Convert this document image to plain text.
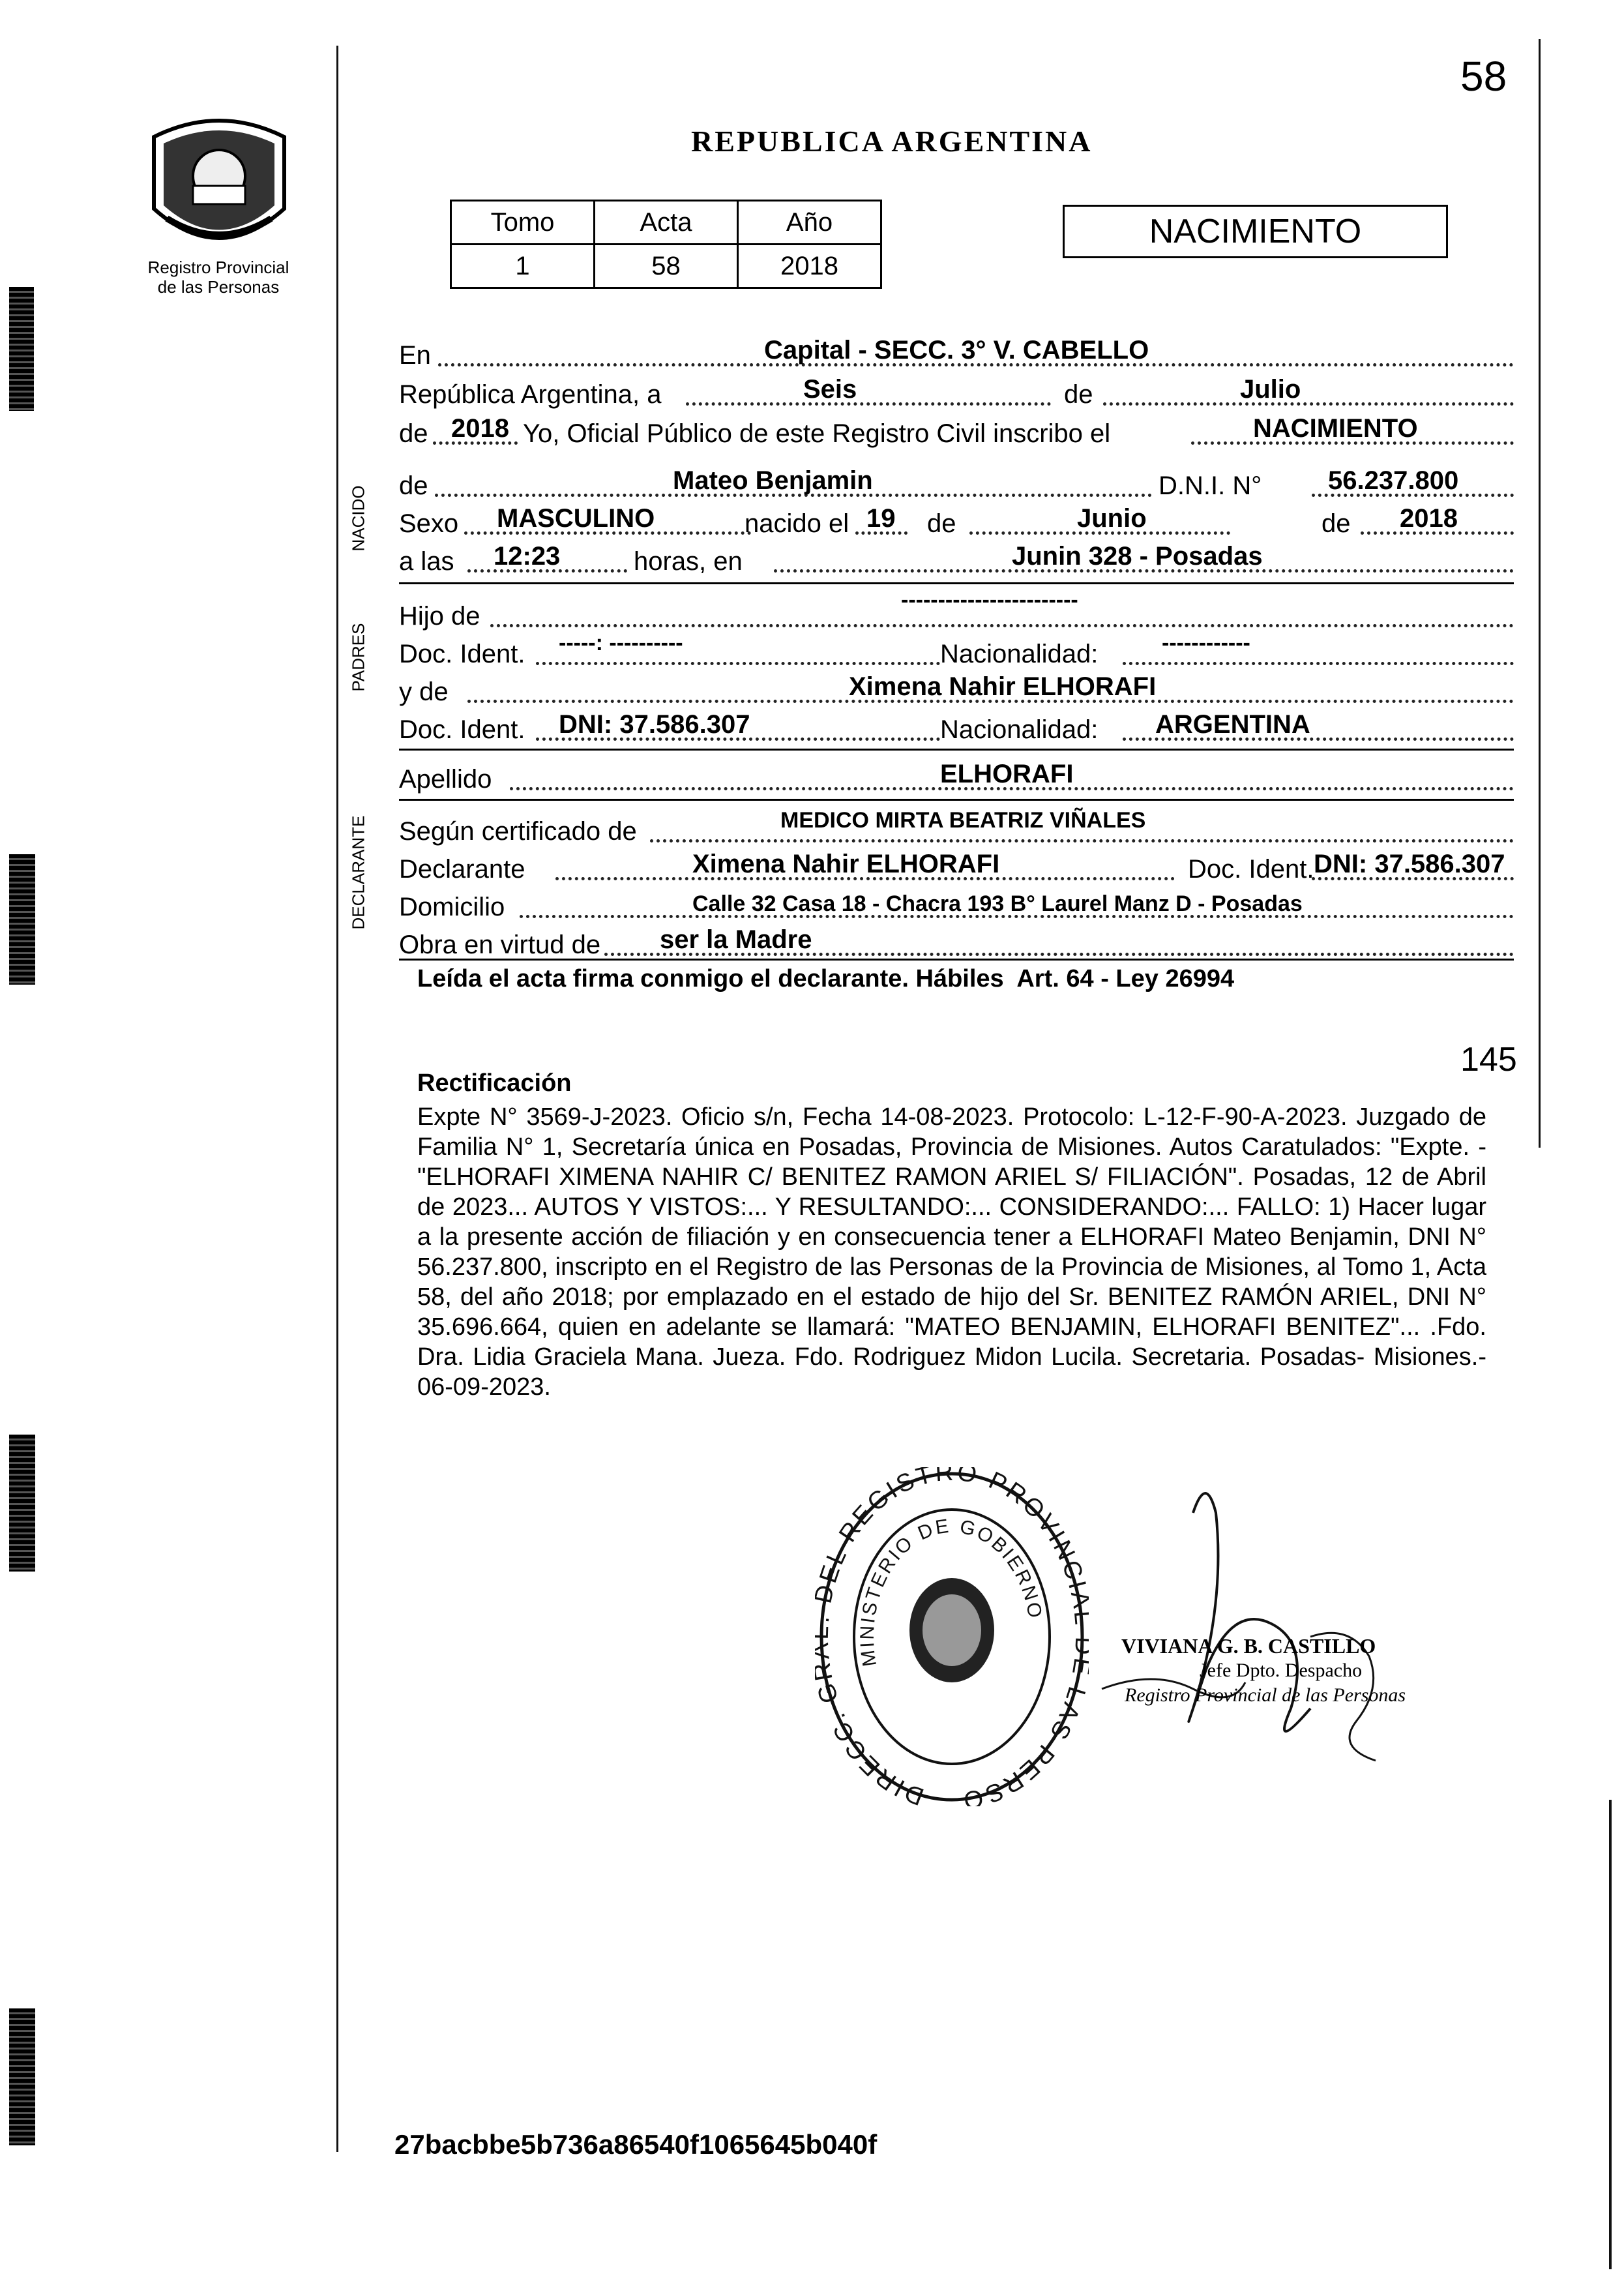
58
Registro Provincial
de las Personas
REPUBLICA ARGENTINA
Tomo	Acta	Año
1	58	2018
NACIMIENTO
En	Capital - SECC. 3° V. CABELLO
República Argentina, a	Seis	de	Julio
de 2018 Yo, Oficial Público de este Registro Civil inscribo el	NACIMIENTO
NACIDO de	Mateo Benjamin	D.N.I. N°	56.237.800
Sexo MASCULINO	nacido el 19 de	Junio	de 2018
a las 12:23	horas, en	Junin 328 - Posadas
PADRES
Hijo de
------------------------
Doc. Ident. -----: ----------	Nacionalidad:	------------
y de	Ximena Nahir ELHORAFI
Doc. Ident. DNI: 37.586.307	Nacionalidad: ARGENTINA
Apellido	ELHORAFI
DECLARANTE Según certificado de	MEDICO MIRTA BEATRIZ VIÑALES
Declarante	Ximena Nahir ELHORAFI	Doc. Ident. DNI: 37.586.307
Domicilio	Calle 32 Casa 18 - Chacra 193 B° Laurel Manz D - Posadas
Obra en virtud de ser la Madre
Leída el acta firma conmigo el declarante. Hábiles  Art. 64 - Ley 26994
145
Rectificación
Expte N° 3569-J-2023. Oficio s/n, Fecha 14-08-2023. Protocolo: L-12-F-90-A-2023. Juzgado de Familia N° 1, Secretaría única en Posadas, Provincia de Misiones. Autos Caratulados: "Expte. -"ELHORAFI XIMENA NAHIR C/ BENITEZ RAMON ARIEL S/ FILIACIÓN". Posadas, 12 de Abril de 2023... AUTOS Y VISTOS:... Y RESULTANDO:... CONSIDERANDO:... FALLO: 1) Hacer lugar a la presente acción de filiación y en consecuencia tener a ELHORAFI Mateo Benjamin, DNI N° 56.237.800, inscripto en el Registro de las Personas de la Provincia de Misiones, al Tomo 1, Acta 58, del año 2018; por emplazado en el estado de hijo del Sr. BENITEZ RAMÓN ARIEL, DNI N° 35.696.664, quien en adelante se llamará: "MATEO BENJAMIN, ELHORAFI BENITEZ"... .Fdo. Dra. Lidia Graciela Mana. Jueza. Fdo. Rodriguez Midon Lucila. Secretaria. Posadas- Misiones.- 06-09-2023.
DIRECC. EL REGISTRO PROVINCI LAS PERSO
MINISTERIO DE GOBIERNO
VIVIANA G. B. CASTILLO
Jefe Dpto. Despacho
Registro Provincial de las Personas
27bacbbe5b736a86540f1065645b040f
